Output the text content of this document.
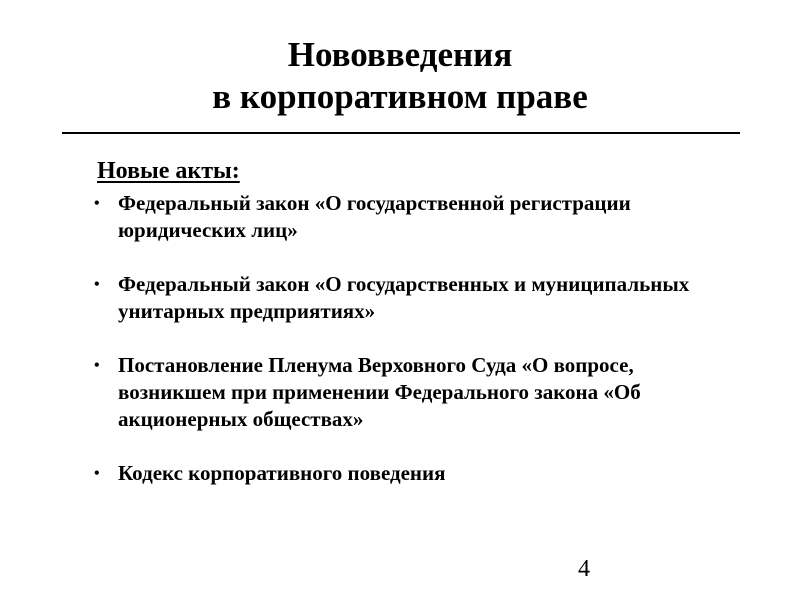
Нововведения
в корпоративном праве
Новые акты:
• Федеральный закон «О государственной регистрации юридических лиц»
• Федеральный закон «О государственных и муниципальных унитарных предприятиях»
• Постановление Пленума Верховного Суда «О вопросе, возникшем при применении Федерального закона «Об акционерных обществах»
• Кодекс корпоративного поведения
4
